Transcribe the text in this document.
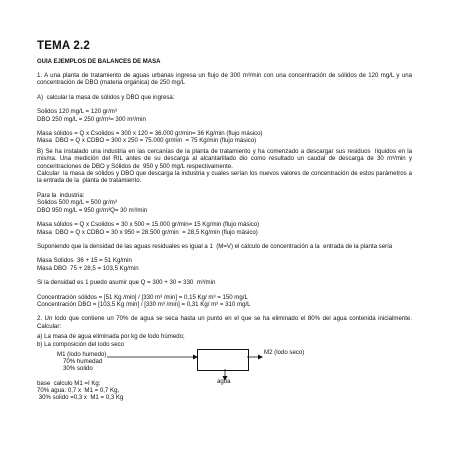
TEMA 2.2
GUIA EJEMPLOS DE BALANCES DE MASA

1. A una planta de tratamiento de aguas urbanas ingresa un flujo de 300 m³/min con una concentración de sólidos de 120 mg/L y una concentración de DBO (materia orgánica) de 250 mg/L

A)  calcular la masa de sólidos y DBO que ingresa:

Solidos 120 mg/L = 120 gr/m³

DBO 250 mg/L = 250 gr/m³= 300 m³/min

Masa sólidos = Q x Csolidos = 300 x 120 = 36.000 gr/min= 36 Kg/min (flujo másico)

Masa  DBO = Q x CDBO = 300 x 250 = 75.000 gr/min  = 75 Kg/min (flujo másico)

B) Se ha instalado una industria en las cercanías de la planta de tratamiento y ha comenzado a descargar sus residuos  líquidos en la misma. Una medición del RIL antes de su descarga al alcantarillado dio como resultado un caudal de descarga de 30 m³/min y concentraciones de DBO y Sólidos de  950 y 500 mg/L respectivamente.

Calcular  la masa de sólidos y DBO que descarga la industria y cuales serían los nuevos valores de concentración de estos parámetros a la entrada de la  planta de tratamiento.

Para la  industria:

Solidos 500 mg/L = 500 gr/m³

DBO 950 mg/L = 950 gr/m³Q= 30 m³/min

Masa sólidos = Q x Csolidos = 30 x 500 = 15.000 gr/min= 15 Kg/min (flujo másico)

Masa  DBO = Q x CDBO = 30 x 950 = 28.500 gr/min  = 28,5 Kg/min (flujo másico)

Suponiendo que la densidad de las aguas residuales es igual a 1  (M=V) el cálculo de concentración a la  entrada de la planta sería

Masa Solidos  36 + 15 = 51 Kg/min

Masa DBO  75 + 28,5 = 103,5 Kg/min

Si la densidad es 1 puedo asumir que Q = 300 + 30 = 330  m³/min

Concentración sólidos = [51 Kg /min] / [330 m³ /min] = 0,15 Kg/ m³ = 150 mg/L

Concentración DBO = [103,5 Kg /min] / [330 m³ /min] = 0,31 Kg/ m³ = 310 mg/L

2. Un lodo que contiene un 70% de agua se seca hasta un punto en el que se ha eliminado el 80% del agua contenida inicialmente. Calcular:

a) La masa de agua eliminada por kg de lodo húmedo;

b) La composición del lodo seco

M1 (lodo humedo)
70% humedad
30% solido
M2 (lodo seco)
agua
base  calculo M1 =I Kg:
70% agua: 0,7 x  M1 = 0,7 Kg,
30% solido =0,3 x  M1 = 0,3 Kg
